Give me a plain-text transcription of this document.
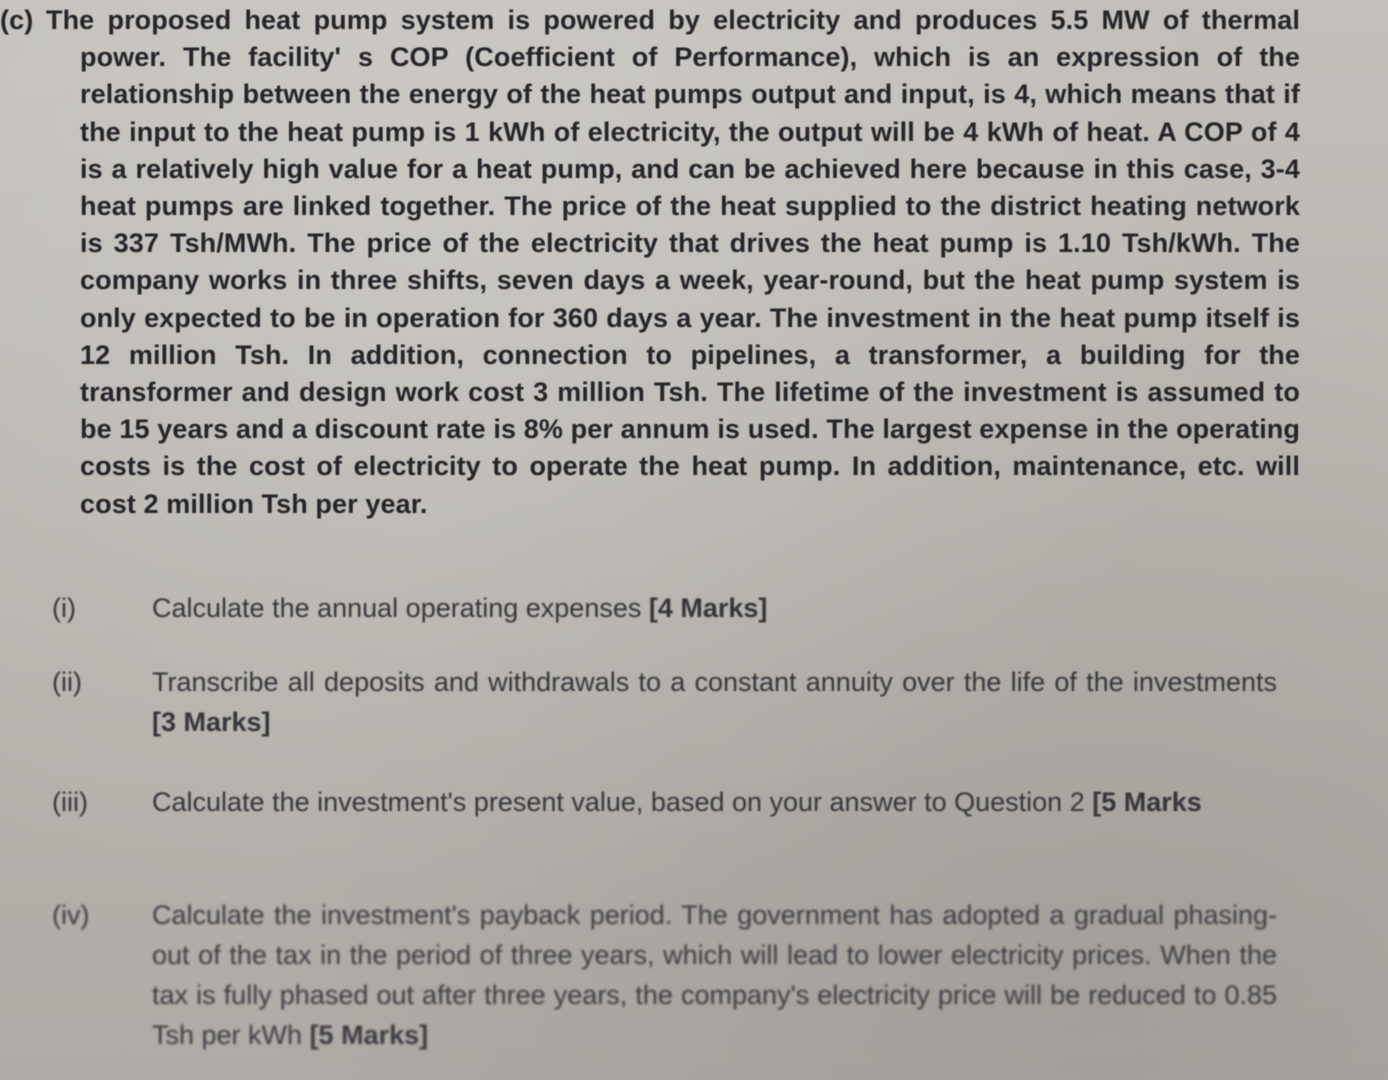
(c) The proposed heat pump system is powered by electricity and produces 5.5 MW of thermal power. The facility' s COP (Coefficient of Performance), which is an expression of the relationship between the energy of the heat pumps output and input, is 4, which means that if the input to the heat pump is 1 kWh of electricity, the output will be 4 kWh of heat. A COP of 4 is a relatively high value for a heat pump, and can be achieved here because in this case, 3-4 heat pumps are linked together. The price of the heat supplied to the district heating network is 337 Tsh/MWh. The price of the electricity that drives the heat pump is 1.10 Tsh/kWh. The company works in three shifts, seven days a week, year-round, but the heat pump system is only expected to be in operation for 360 days a year. The investment in the heat pump itself is 12 million Tsh. In addition, connection to pipelines, a transformer, a building for the transformer and design work cost 3 million Tsh. The lifetime of the investment is assumed to be 15 years and a discount rate is 8% per annum is used. The largest expense in the operating costs is the cost of electricity to operate the heat pump. In addition, maintenance, etc. will cost 2 million Tsh per year.
(i)	Calculate the annual operating expenses [4 Marks]
(ii)	Transcribe all deposits and withdrawals to a constant annuity over the life of the investments [3 Marks]
(iii)	Calculate the investment's present value, based on your answer to Question 2 [5 Marks
(iv)	Calculate the investment's payback period. The government has adopted a gradual phasing-out of the tax in the period of three years, which will lead to lower electricity prices. When the tax is fully phased out after three years, the company's electricity price will be reduced to 0.85 Tsh per kWh [5 Marks]
